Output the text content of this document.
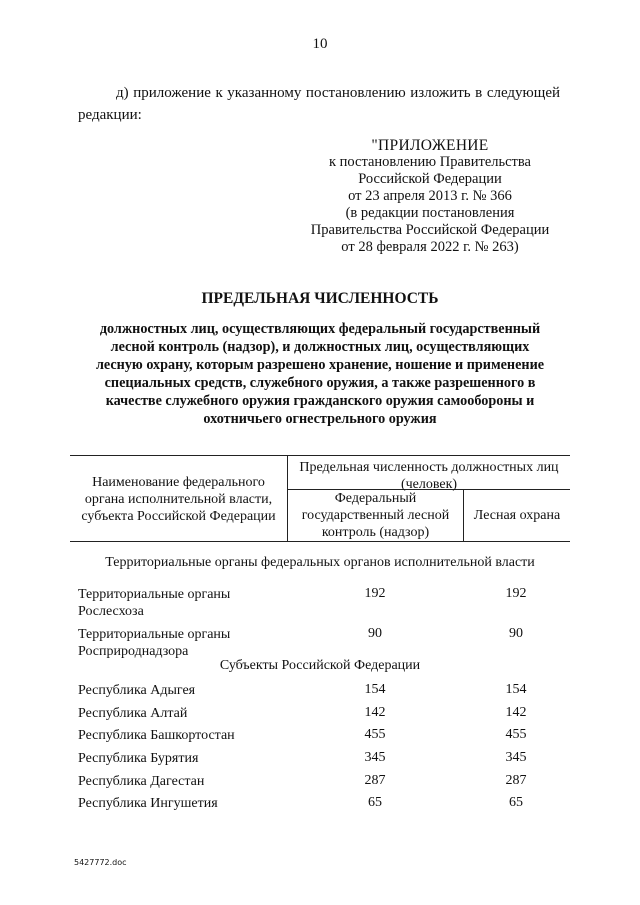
10
д) приложение к указанному постановлению изложить в следующей редакции:
"ПРИЛОЖЕНИЕ
к постановлению Правительства
Российской Федерации
от 23 апреля 2013 г. № 366
(в редакции постановления
Правительства Российской Федерации
от 28 февраля 2022 г. № 263)
ПРЕДЕЛЬНАЯ ЧИСЛЕННОСТЬ
должностных лиц, осуществляющих федеральный государственный
лесной контроль (надзор), и должностных лиц, осуществляющих
лесную охрану, которым разрешено хранение, ношение и применение
специальных средств, служебного оружия, а также разрешенного в
качестве служебного оружия гражданского оружия самообороны и
охотничьего огнестрельного оружия
Наименование федерального
органа исполнительной власти,
субъекта Российской Федерации
Предельная численность должностных лиц
(человек)
Федеральный
государственный лесной
контроль (надзор)
Лесная охрана
Территориальные органы федеральных органов исполнительной власти
Территориальные органы
Рослесхоза
192	192
Территориальные органы
Росприроднадзора
90	90
Субъекты Российской Федерации
Республика Адыгея	154	154
Республика Алтай	142	142
Республика Башкортостан	455	455
Республика Бурятия	345	345
Республика Дагестан	287	287
Республика Ингушетия	65	65
5427772.doc
